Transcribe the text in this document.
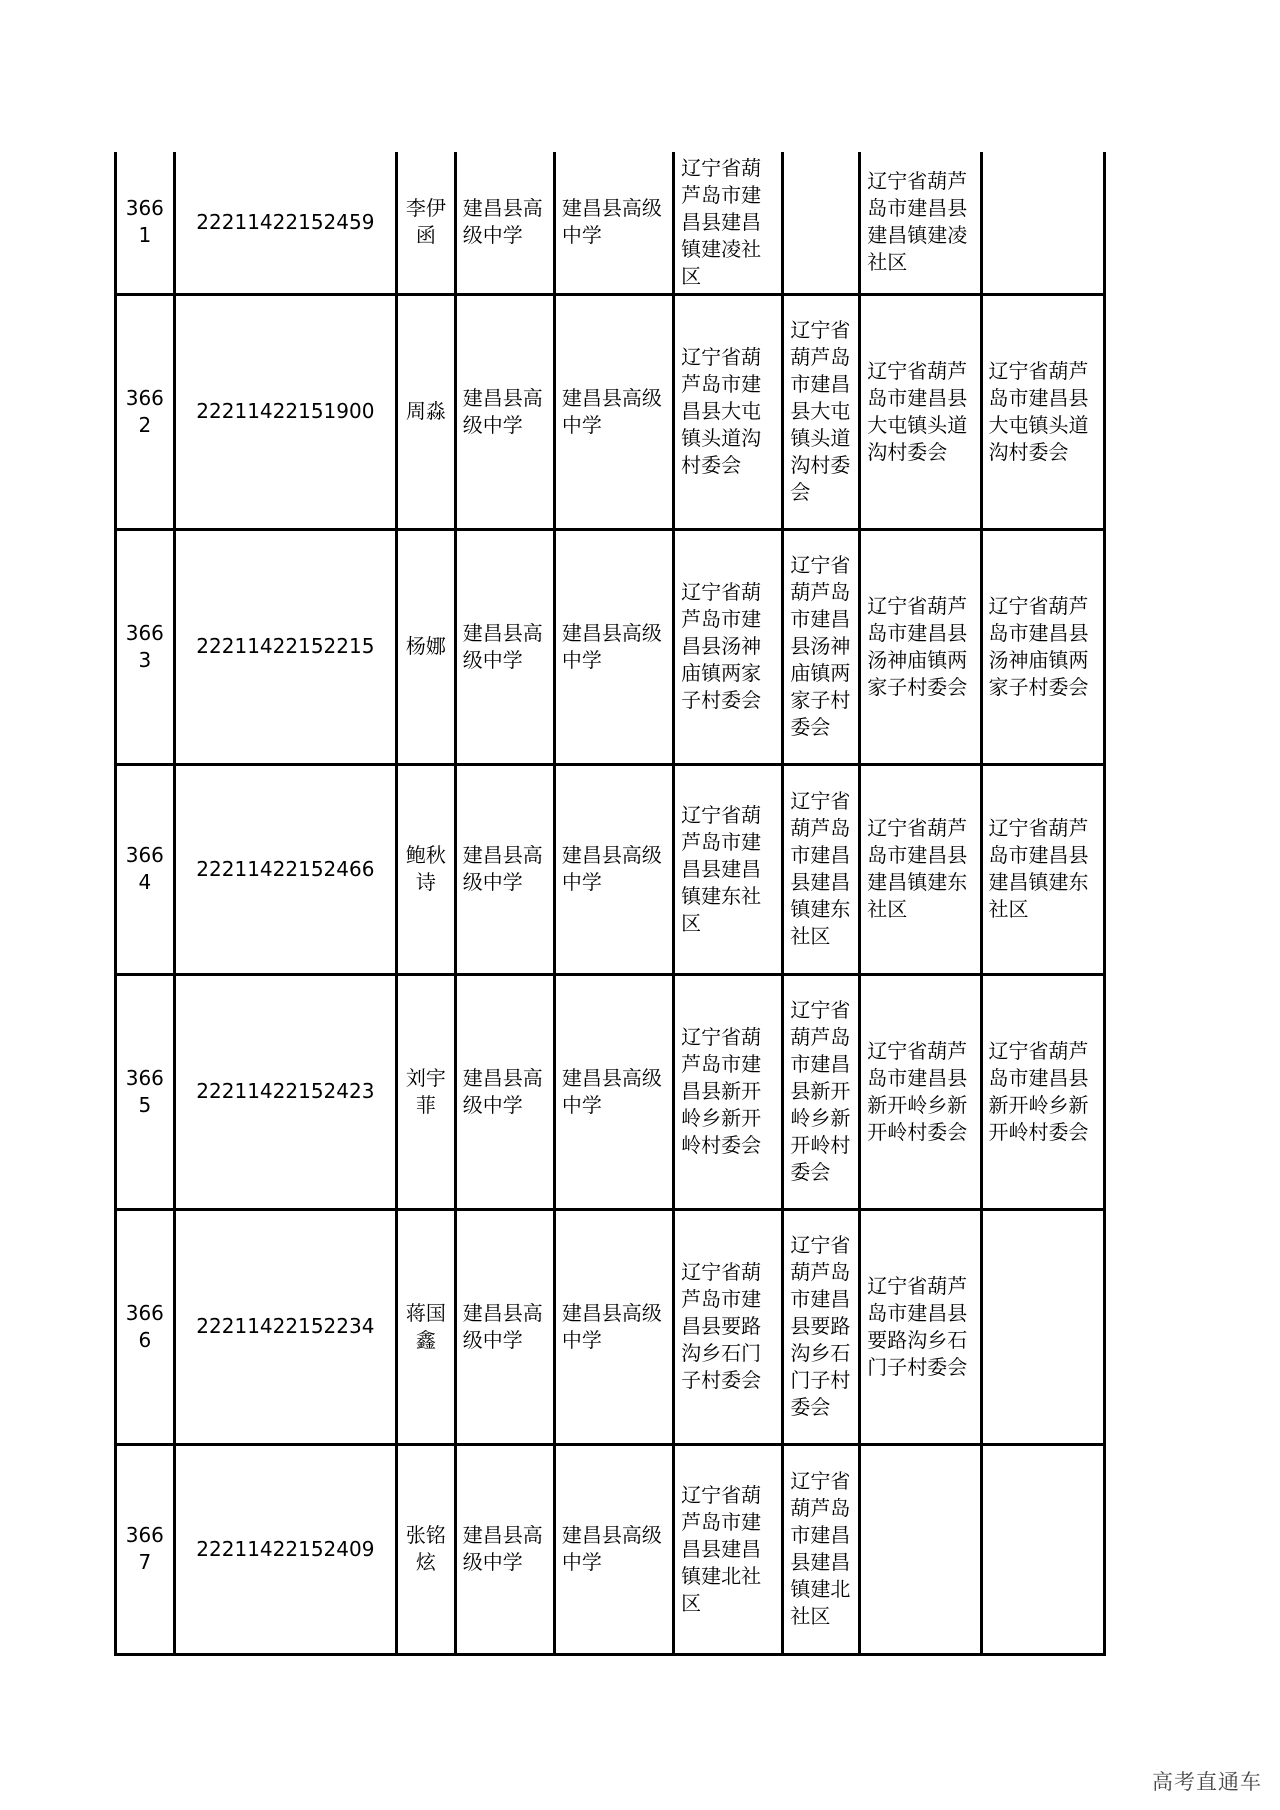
3661	22211422152459	李伊函	建昌县高级中学	建昌县高级中学	辽宁省葫芦岛市建昌县建昌镇建凌社区		辽宁省葫芦岛市建昌县建昌镇建凌社区	
3662	22211422151900	周淼	建昌县高级中学	建昌县高级中学	辽宁省葫芦岛市建昌县大屯镇头道沟村委会	辽宁省葫芦岛市建昌县大屯镇头道沟村委会	辽宁省葫芦岛市建昌县大屯镇头道沟村委会	辽宁省葫芦岛市建昌县大屯镇头道沟村委会
3663	22211422152215	杨娜	建昌县高级中学	建昌县高级中学	辽宁省葫芦岛市建昌县汤神庙镇两家子村委会	辽宁省葫芦岛市建昌县汤神庙镇两家子村委会	辽宁省葫芦岛市建昌县汤神庙镇两家子村委会	辽宁省葫芦岛市建昌县汤神庙镇两家子村委会
3664	22211422152466	鲍秋诗	建昌县高级中学	建昌县高级中学	辽宁省葫芦岛市建昌县建昌镇建东社区	辽宁省葫芦岛市建昌县建昌镇建东社区	辽宁省葫芦岛市建昌县建昌镇建东社区	辽宁省葫芦岛市建昌县建昌镇建东社区
3665	22211422152423	刘宇菲	建昌县高级中学	建昌县高级中学	辽宁省葫芦岛市建昌县新开岭乡新开岭村委会	辽宁省葫芦岛市建昌县新开岭乡新开岭村委会	辽宁省葫芦岛市建昌县新开岭乡新开岭村委会	辽宁省葫芦岛市建昌县新开岭乡新开岭村委会
3666	22211422152234	蒋国鑫	建昌县高级中学	建昌县高级中学	辽宁省葫芦岛市建昌县要路沟乡石门子村委会	辽宁省葫芦岛市建昌县要路沟乡石门子村委会	辽宁省葫芦岛市建昌县要路沟乡石门子村委会	
3667	22211422152409	张铭炫	建昌县高级中学	建昌县高级中学	辽宁省葫芦岛市建昌县建昌镇建北社区	辽宁省葫芦岛市建昌县建昌镇建北社区		
高考直通车
